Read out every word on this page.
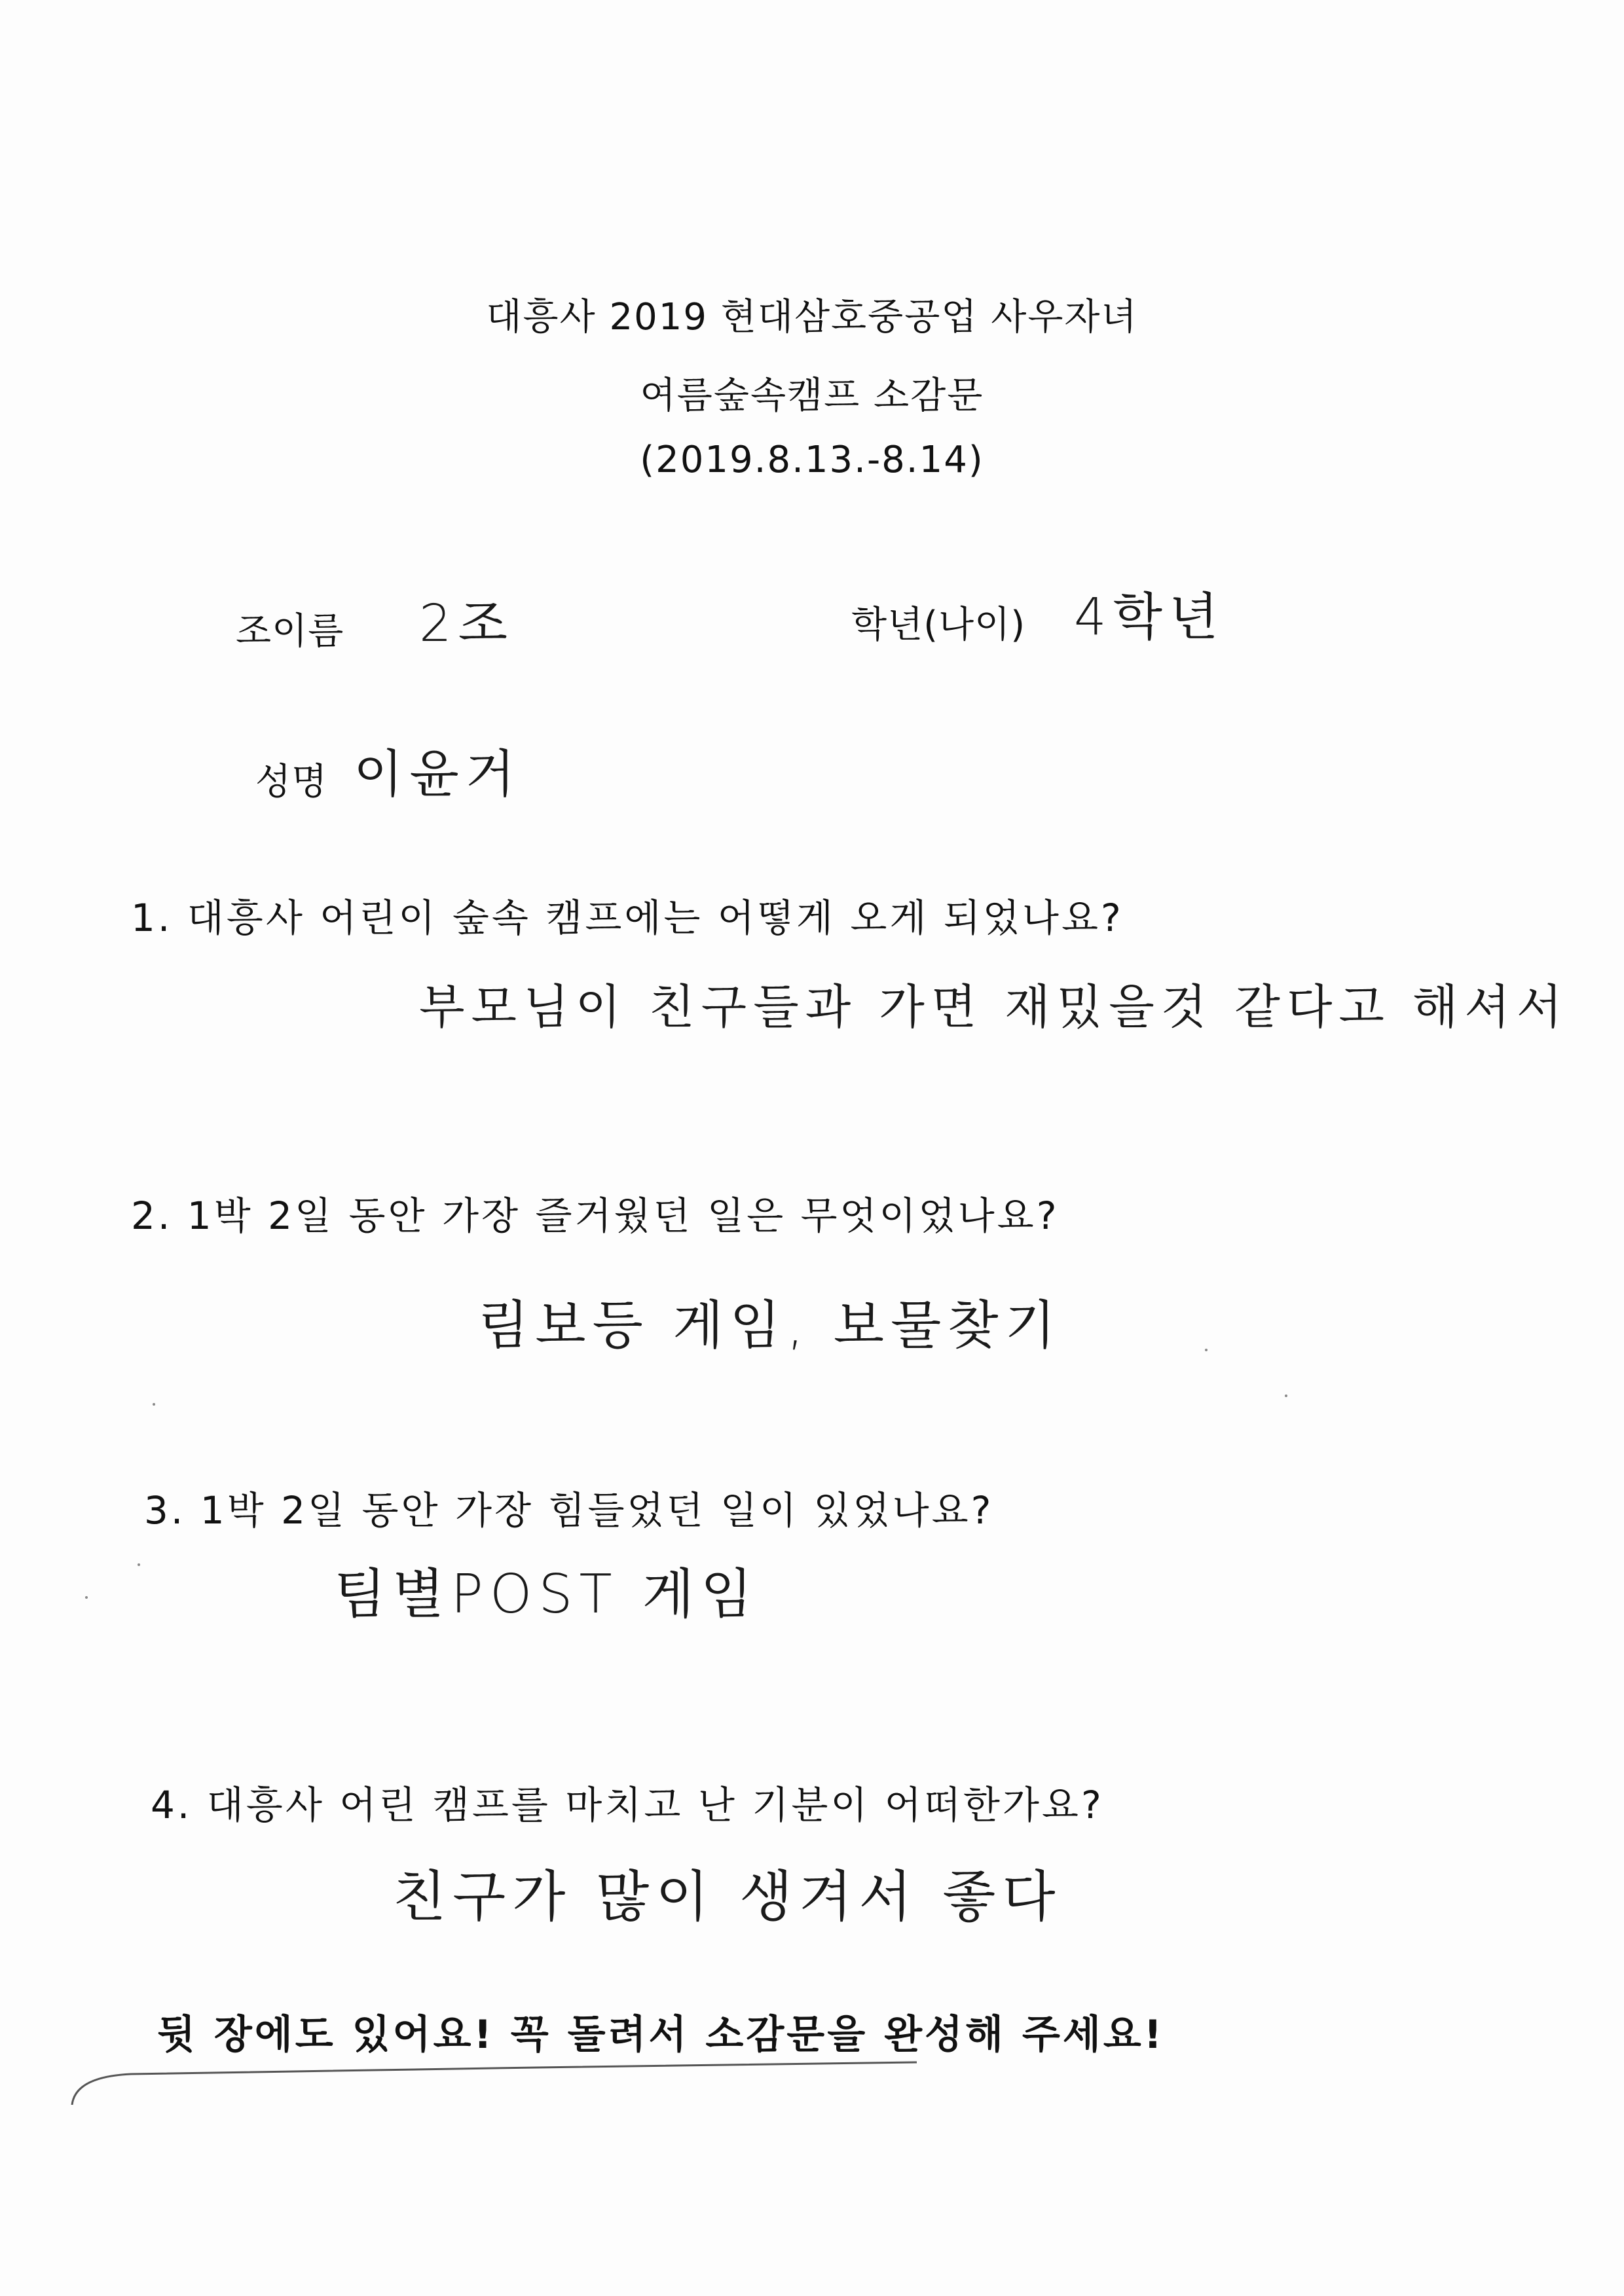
대흥사 2019 현대삼호중공업 사우자녀
여름숲속캠프 소감문
(2019.8.13.-8.14)
조이름 2조	학년(나이) 4학년
성명 이윤거
1. 대흥사 어린이 숲속 캠프에는 어떻게 오게 되었나요?
부모님이 친구들과 가면 재밌을것 같다고 해셔서
2. 1박 2일 동안 가장 즐거웠던 일은 무엇이었나요?
림보등 게임, 보물찾기
3. 1박 2일 동안 가장 힘들었던 일이 있었나요?
팀별POST 게임
4. 대흥사 어린 캠프를 마치고 난 기분이 어떠한가요?
친구가 많이 생겨서 좋다
뒷 장에도 있어요! 꼭 돌려서 소감문을 완성해 주세요!
